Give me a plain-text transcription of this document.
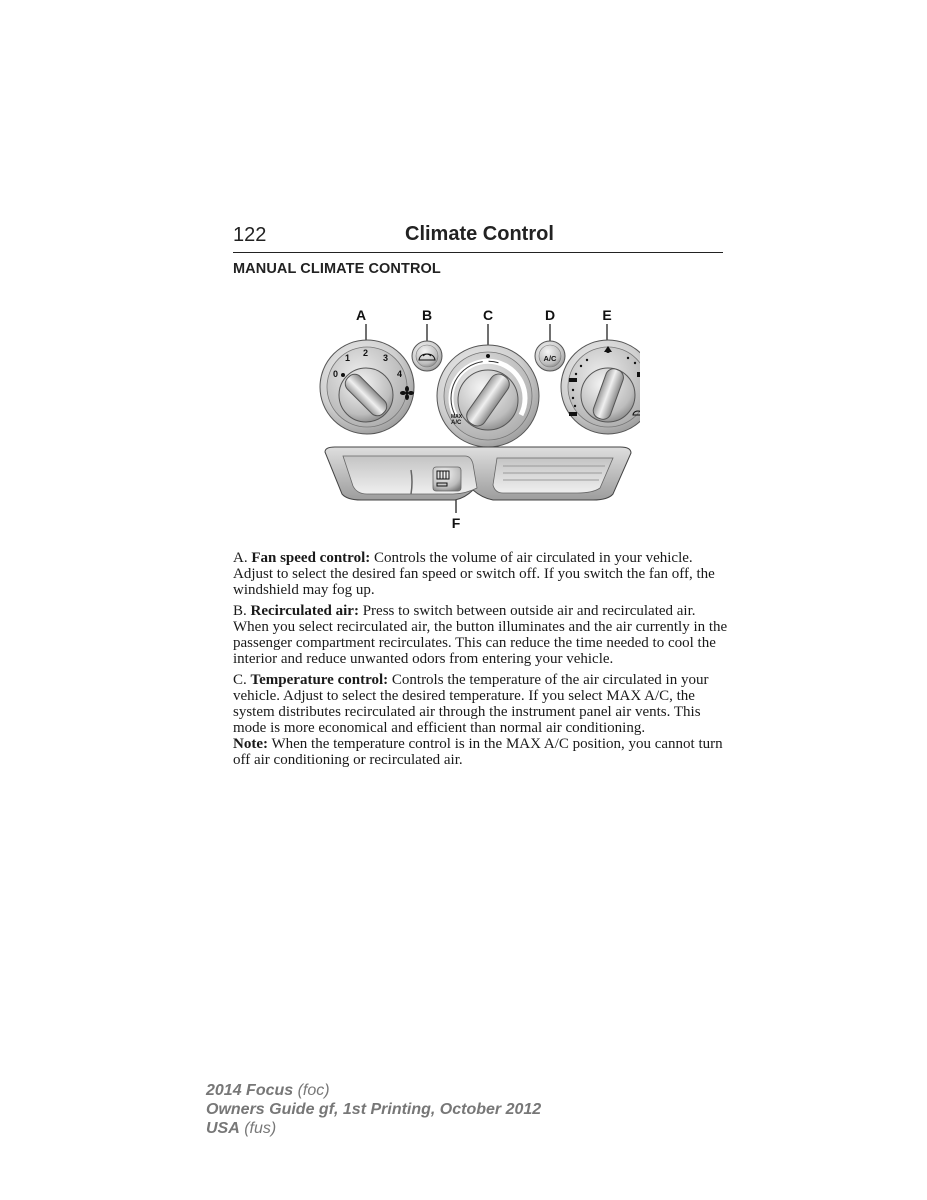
122	Climate Control
MANUAL CLIMATE CONTROL
A	B	C	D	E
F
0
1 2 3
4
MAX
A/C
A/C

A. Fan speed control: Controls the volume of air circulated in your vehicle. Adjust to select the desired fan speed or switch off. If you switch the fan off, the windshield may fog up.

B. Recirculated air: Press to switch between outside air and recirculated air. When you select recirculated air, the button illuminates and the air currently in the passenger compartment recirculates. This can reduce the time needed to cool the interior and reduce unwanted odors from entering your vehicle.

C. Temperature control: Controls the temperature of the air circulated in your vehicle. Adjust to select the desired temperature. If you select MAX A/C, the system distributes recirculated air through the instrument panel air vents. This mode is more economical and efficient than normal air conditioning.

Note: When the temperature control is in the MAX A/C position, you cannot turn off air conditioning or recirculated air.

2014 Focus (foc)
Owners Guide gf, 1st Printing, October 2012
USA (fus)
